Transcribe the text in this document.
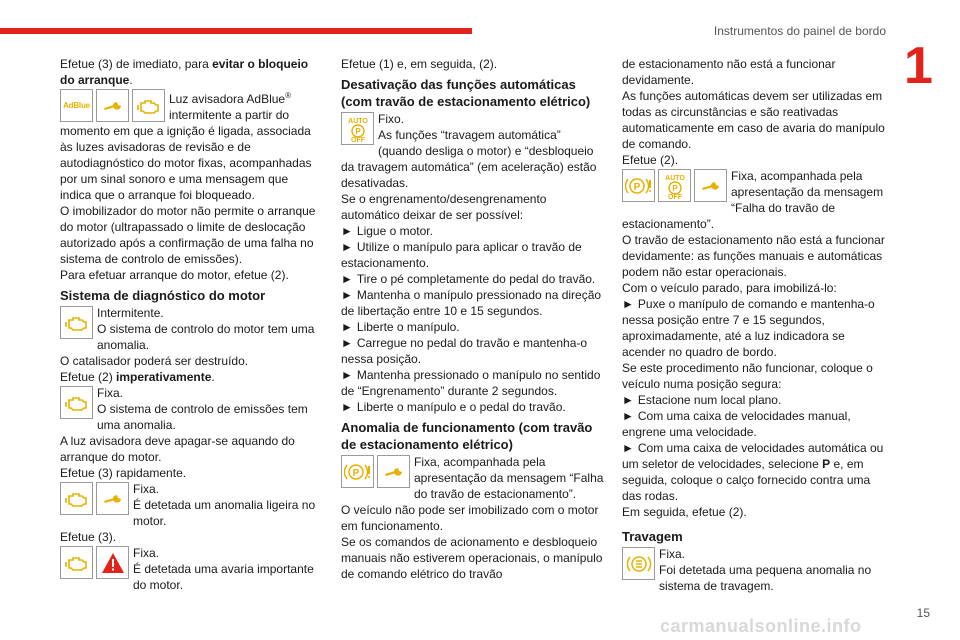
Instrumentos do painel de bordo
1

Efetue (3) de imediato, para evitar o bloqueio do arranque.

AdBlue	Luz avisadora AdBlue® intermitente a partir do momento em que a ignição é ligada, associada às luzes avisadoras de revisão e de autodiagnóstico do motor fixas, acompanhadas por um sinal sonoro e uma mensagem que indica que o arranque foi bloqueado.

O imobilizador do motor não permite o arranque do motor (ultrapassado o limite de deslocação autorizado após a confirmação de uma falha no sistema de controlo de emissões).

Para efetuar arranque do motor, efetue (2).

Sistema de diagnóstico do motor

Intermitente.

O sistema de controlo do motor tem uma anomalia.

O catalisador poderá ser destruído.

Efetue (2) imperativamente.

Fixa.

O sistema de controlo de emissões tem uma anomalia.

A luz avisadora deve apagar-se aquando do arranque do motor.

Efetue (3) rapidamente.

Fixa.

É detetada um anomalia ligeira no motor.

Efetue (3).

Fixa.

É detetada uma avaria importante do motor.

Efetue (1) e, em seguida, (2).

Desativação das funções automáticas (com travão de estacionamento elétrico)

AUTO
P
OFF

Fixo.

As funções “travagem automática” (quando desliga o motor) e “desbloqueio da travagem automática” (em aceleração) estão desativadas.

Se o engrenamento/desengrenamento automático deixar de ser possível:

► Ligue o motor.

► Utilize o manípulo para aplicar o travão de estacionamento.

► Tire o pé completamente do pedal do travão.

► Mantenha o manípulo pressionado na direção de libertação entre 10 e 15 segundos.

► Liberte o manípulo.

► Carregue no pedal do travão e mantenha-o nessa posição.

► Mantenha pressionado o manípulo no sentido de “Engrenamento” durante 2 segundos.

► Liberte o manípulo e o pedal do travão.

Anomalia de funcionamento (com travão de estacionamento elétrico)

P

Fixa, acompanhada pela apresentação da mensagem “Falha do travão de estacionamento”.

O veículo não pode ser imobilizado com o motor em funcionamento.

Se os comandos de acionamento e desbloqueio manuais não estiverem operacionais, o manípulo de comando elétrico do travão

de estacionamento não está a funcionar devidamente.

As funções automáticas devem ser utilizadas em todas as circunstâncias e são reativadas automaticamente em caso de avaria do manípulo de comando.

Efetue (2).

P
AUTO
P
OFF

Fixa, acompanhada pela apresentação da mensagem “Falha do travão de estacionamento”.

O travão de estacionamento não está a funcionar devidamente: as funções manuais e automáticas podem não estar operacionais.

Com o veículo parado, para imobilizá-lo:

► Puxe o manípulo de comando e mantenha-o nessa posição entre 7 e 15 segundos, aproximadamente, até a luz indicadora se acender no quadro de bordo.

Se este procedimento não funcionar, coloque o veículo numa posição segura:

► Estacione num local plano.

► Com uma caixa de velocidades manual, engrene uma velocidade.

► Com uma caixa de velocidades automática ou um seletor de velocidades, selecione P e, em seguida, coloque o calço fornecido contra uma das rodas.

Em seguida, efetue (2).

Travagem

Fixa.

Foi detetada uma pequena anomalia no sistema de travagem.

15
carmanualsonline.info
